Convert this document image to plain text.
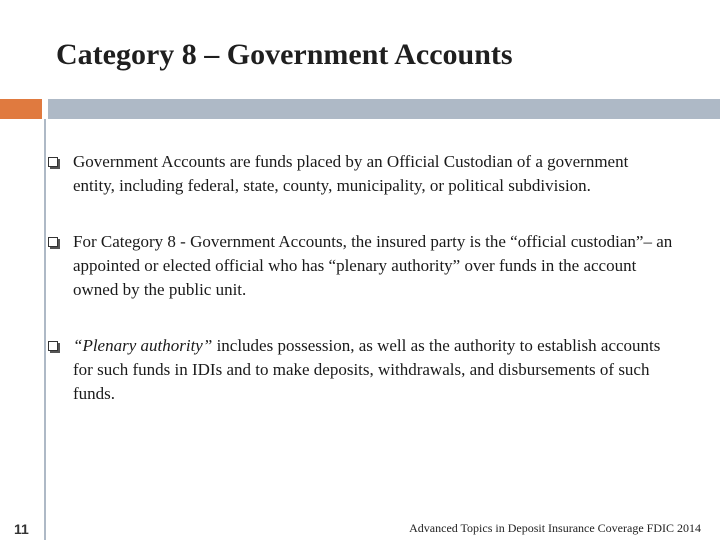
Category 8 – Government Accounts
Government Accounts are funds placed by an Official Custodian of a government entity, including federal, state, county, municipality, or political subdivision.
For Category 8 - Government Accounts, the insured party is the “official custodian”– an appointed or elected official who has “plenary authority” over funds in the account owned by the public unit.
“Plenary authority” includes possession, as well as the authority to establish accounts for such funds in IDIs and to make deposits, withdrawals, and disbursements of such funds.
11	Advanced Topics in Deposit Insurance Coverage FDIC 2014
